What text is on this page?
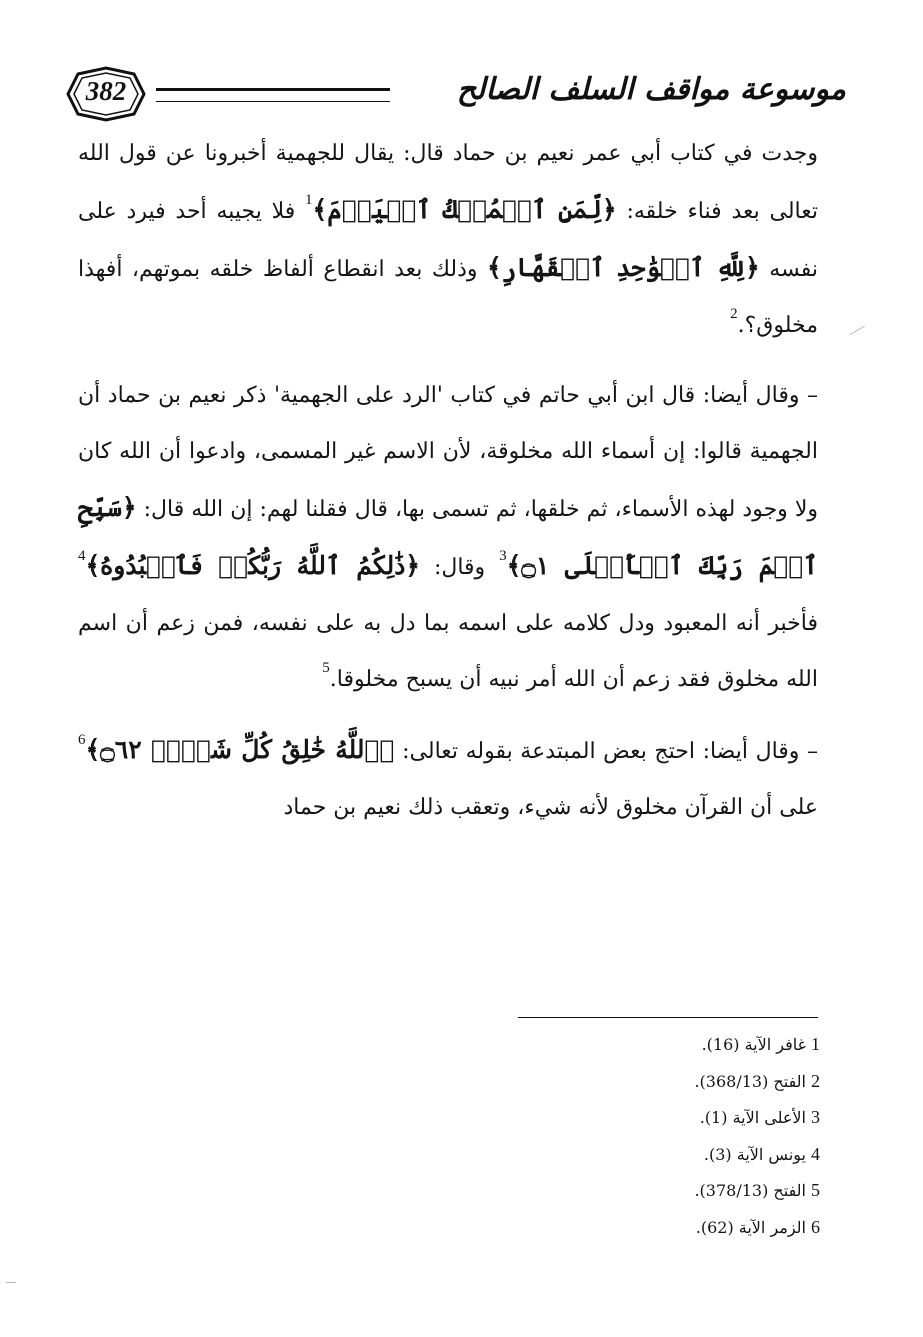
382	موسوعة مواقف السلف الصالح

وجدت في كتاب أبي عمر نعيم بن حماد قال: يقال للجهمية أخبرونا عن قول الله تعالى بعد فناء خلقه: ﴿لِّمَنِ ٱلۡمُلۡكُ ٱلۡيَوۡمَ﴾$^1$ فلا يجيبه أحد فيرد على نفسه ﴿لِلَّهِ ٱلۡوَٰحِدِ ٱلۡقَهَّارِ﴾ وذلك بعد انقطاع ألفاظ خلقه بموتهم، أفهذا مخلوق؟.$^2$

– وقال أيضا: قال ابن أبي حاتم في كتاب 'الرد على الجهمية' ذكر نعيم بن حماد أن الجهمية قالوا: إن أسماء الله مخلوقة، لأن الاسم غير المسمى، وادعوا أن الله كان ولا وجود لهذه الأسماء، ثم خلقها، ثم تسمى بها، قال فقلنا لهم: إن الله قال: ﴿سَبِّحِ ٱسۡمَ رَبِّكَ ٱلۡأَعۡلَى ۝١﴾$^3$ وقال: ﴿ذَٰلِكُمُ ٱللَّهُ رَبُّكُمۡ فَٱعۡبُدُوهُ﴾$^4$ فأخبر أنه المعبود ودل كلامه على اسمه بما دل به على نفسه، فمن زعم أن اسم الله مخلوق فقد زعم أن الله أمر نبيه أن يسبح مخلوقا.$^5$

– وقال أيضا: احتج بعض المبتدعة بقوله تعالى: ﴿ٱللَّهُ خَٰلِقُ كُلِّ شَيۡءٖ ۝٦٢﴾$^6$ على أن القرآن مخلوق لأنه شيء، وتعقب ذلك نعيم بن حماد

1غافر الآية (16).
2الفتح (368/13).
3الأعلى الآية (1).
4يونس الآية (3).
5الفتح (378/13).
6الزمر الآية (62).
